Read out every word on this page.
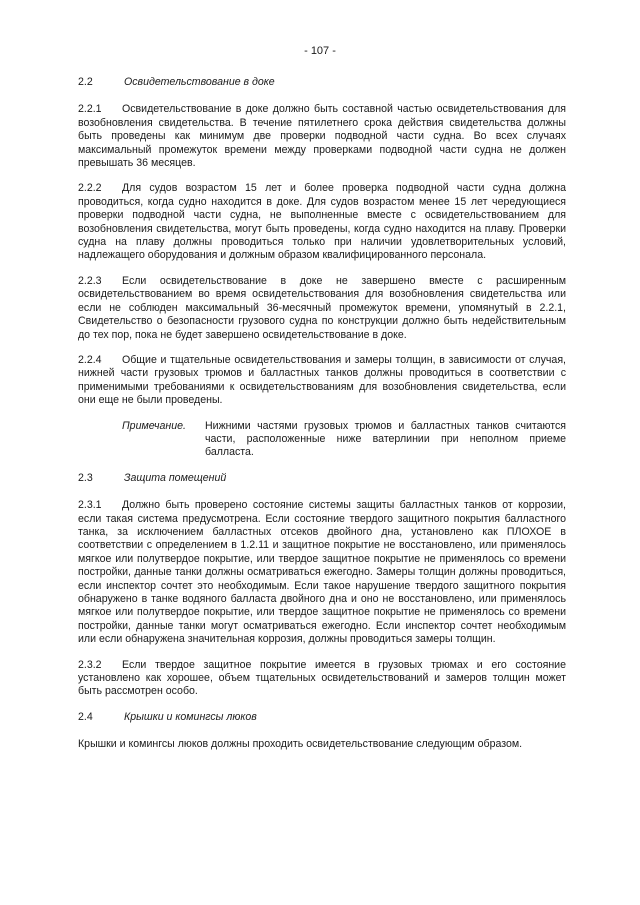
- 107 -
2.2	Освидетельствование в доке

2.2.1 Освидетельствование в доке должно быть составной частью освидетельствования для возобновления свидетельства. В течение пятилетнего срока действия свидетельства должны быть проведены как минимум две проверки подводной части судна. Во всех случаях максимальный промежуток времени между проверками подводной части судна не должен превышать 36 месяцев.

2.2.2 Для судов возрастом 15 лет и более проверка подводной части судна должна проводиться, когда судно находится в доке. Для судов возрастом менее 15 лет чередующиеся проверки подводной части судна, не выполненные вместе с освидетельствованием для возобновления свидетельства, могут быть проведены, когда судно находится на плаву. Проверки судна на плаву должны проводиться только при наличии удовлетворительных условий, надлежащего оборудования и должным образом квалифицированного персонала.

2.2.3 Если освидетельствование в доке не завершено вместе с расширенным освидетельствованием во время освидетельствования для возобновления свидетельства или если не соблюден максимальный 36-месячный промежуток времени, упомянутый в 2.2.1, Свидетельство о безопасности грузового судна по конструкции должно быть недействительным до тех пор, пока не будет завершено освидетельствование в доке.

2.2.4 Общие и тщательные освидетельствования и замеры толщин, в зависимости от случая, нижней части грузовых трюмов и балластных танков должны проводиться в соответствии с применимыми требованиями к освидетельствованиям для возобновления свидетельства, если они еще не были проведены.

Примечание.	Нижними частями грузовых трюмов и балластных танков считаются части, расположенные ниже ватерлинии при неполном приеме балласта.
2.3	Защита помещений

2.3.1 Должно быть проверено состояние системы защиты балластных танков от коррозии, если такая система предусмотрена. Если состояние твердого защитного покрытия балластного танка, за исключением балластных отсеков двойного дна, установлено как ПЛОХОЕ в соответствии с определением в 1.2.11 и защитное покрытие не восстановлено, или применялось мягкое или полутвердое покрытие, или твердое защитное покрытие не применялось со времени постройки, данные танки должны осматриваться ежегодно. Замеры толщин должны проводиться, если инспектор сочтет это необходимым. Если такое нарушение твердого защитного покрытия обнаружено в танке водяного балласта двойного дна и оно не восстановлено, или применялось мягкое или полутвердое покрытие, или твердое защитное покрытие не применялось со времени постройки, данные танки могут осматриваться ежегодно. Если инспектор сочтет необходимым или если обнаружена значительная коррозия, должны проводиться замеры толщин.

2.3.2 Если твердое защитное покрытие имеется в грузовых трюмах и его состояние установлено как хорошее, объем тщательных освидетельствований и замеров толщин может быть рассмотрен особо.

2.4	Крышки и комингсы люков

Крышки и комингсы люков должны проходить освидетельствование следующим образом.
